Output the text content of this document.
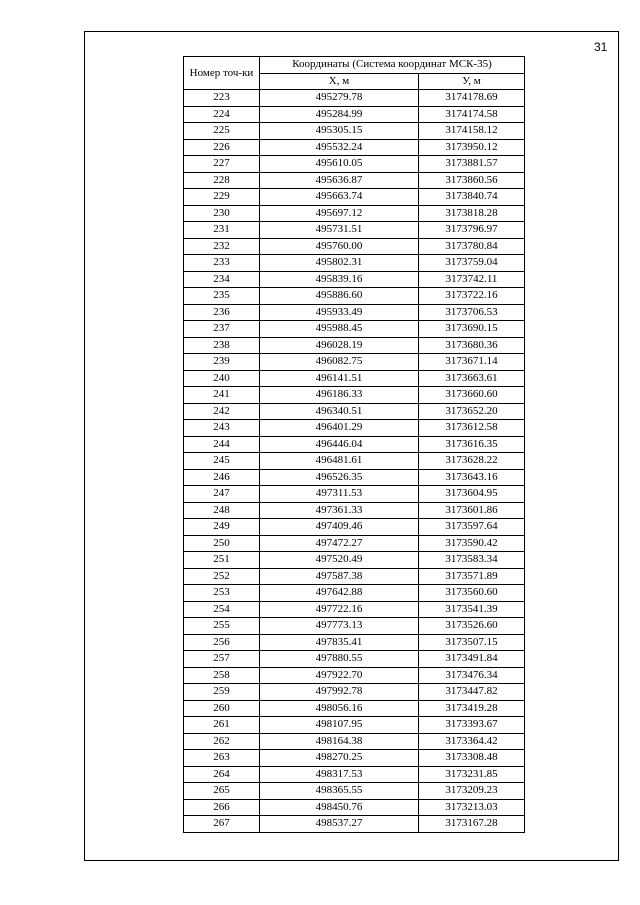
31
Номер точ-ки	Координаты (Система координат МСК-35)	
	X, м	У, м
223	495279.78	3174178.69
224	495284.99	3174174.58
225	495305.15	3174158.12
226	495532.24	3173950.12
227	495610.05	3173881.57
228	495636.87	3173860.56
229	495663.74	3173840.74
230	495697.12	3173818.28
231	495731.51	3173796.97
232	495760.00	3173780.84
233	495802.31	3173759.04
234	495839.16	3173742.11
235	495886.60	3173722.16
236	495933.49	3173706.53
237	495988.45	3173690.15
238	496028.19	3173680.36
239	496082.75	3173671.14
240	496141.51	3173663.61
241	496186.33	3173660.60
242	496340.51	3173652.20
243	496401.29	3173612.58
244	496446.04	3173616.35
245	496481.61	3173628.22
246	496526.35	3173643.16
247	497311.53	3173604.95
248	497361.33	3173601.86
249	497409.46	3173597.64
250	497472.27	3173590.42
251	497520.49	3173583.34
252	497587.38	3173571.89
253	497642.88	3173560.60
254	497722.16	3173541.39
255	497773.13	3173526.60
256	497835.41	3173507.15
257	497880.55	3173491.84
258	497922.70	3173476.34
259	497992.78	3173447.82
260	498056.16	3173419.28
261	498107.95	3173393.67
262	498164.38	3173364.42
263	498270.25	3173308.48
264	498317.53	3173231.85
265	498365.55	3173209.23
266	498450.76	3173213.03
267	498537.27	3173167.28
